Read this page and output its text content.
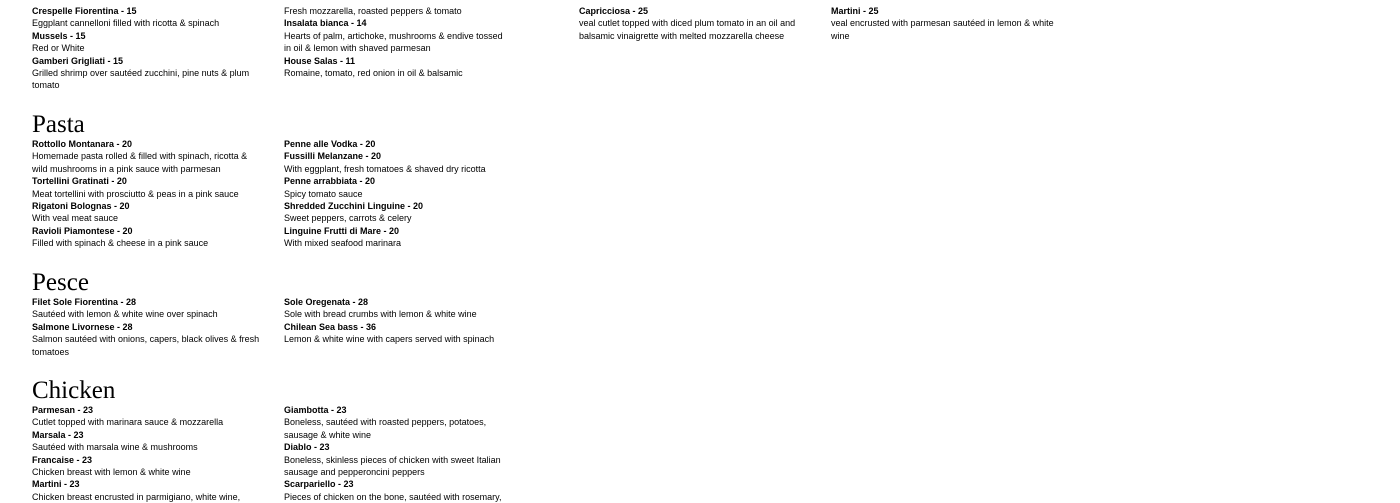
Crespelle Fiorentina - 15
Eggplant cannelloni filled with ricotta & spinach
Mussels - 15
Red or White
Gamberi Grigliati - 15
Grilled shrimp over sautéed zucchini, pine nuts & plum
tomato
Fresh mozzarella, roasted peppers & tomato
Insalata bianca - 14
Hearts of palm, artichoke, mushrooms & endive tossed
in oil & lemon with shaved parmesan
House Salas - 11
Romaine, tomato, red onion in oil & balsamic
Capricciosa - 25
veal cutlet topped with diced plum tomato in an oil and
balsamic vinaigrette with melted mozzarella cheese
Martini - 25
veal encrusted with parmesan sautéed in lemon & white
wine
Pasta
Rottollo Montanara - 20
Homemade pasta rolled & filled with spinach, ricotta &
wild mushrooms in a pink sauce with parmesan
Tortellini Gratinati - 20
Meat tortellini with prosciutto & peas in a pink sauce
Rigatoni Bolognas - 20
With veal meat sauce
Ravioli Piamontese - 20
Filled with spinach & cheese in a pink sauce
Penne alle Vodka - 20
Fussilli Melanzane - 20
With eggplant, fresh tomatoes & shaved dry ricotta
Penne arrabbiata - 20
Spicy tomato sauce
Shredded Zucchini Linguine - 20
Sweet peppers, carrots & celery
Linguine Frutti di Mare - 20
With mixed seafood marinara
Pesce
Filet Sole Fiorentina - 28
Sautéed with lemon & white wine over spinach
Salmone Livornese - 28
Salmon sautéed with onions, capers, black olives & fresh
tomatoes
Sole Oregenata - 28
Sole with bread crumbs with lemon & white wine
Chilean Sea bass - 36
Lemon & white wine with capers served with spinach
Chicken
Parmesan - 23
Cutlet topped with marinara sauce & mozzarella
Marsala - 23
Sautéed with marsala wine & mushrooms
Francaise - 23
Chicken breast with lemon & white wine
Martini - 23
Chicken breast encrusted in parmigiano, white wine,
Giambotta - 23
Boneless, sautéed with roasted peppers, potatoes,
sausage & white wine
Diablo - 23
Boneless, skinless pieces of chicken with sweet Italian
sausage and pepperoncini peppers
Scarpariello - 23
Pieces of chicken on the bone, sautéed with rosemary,
